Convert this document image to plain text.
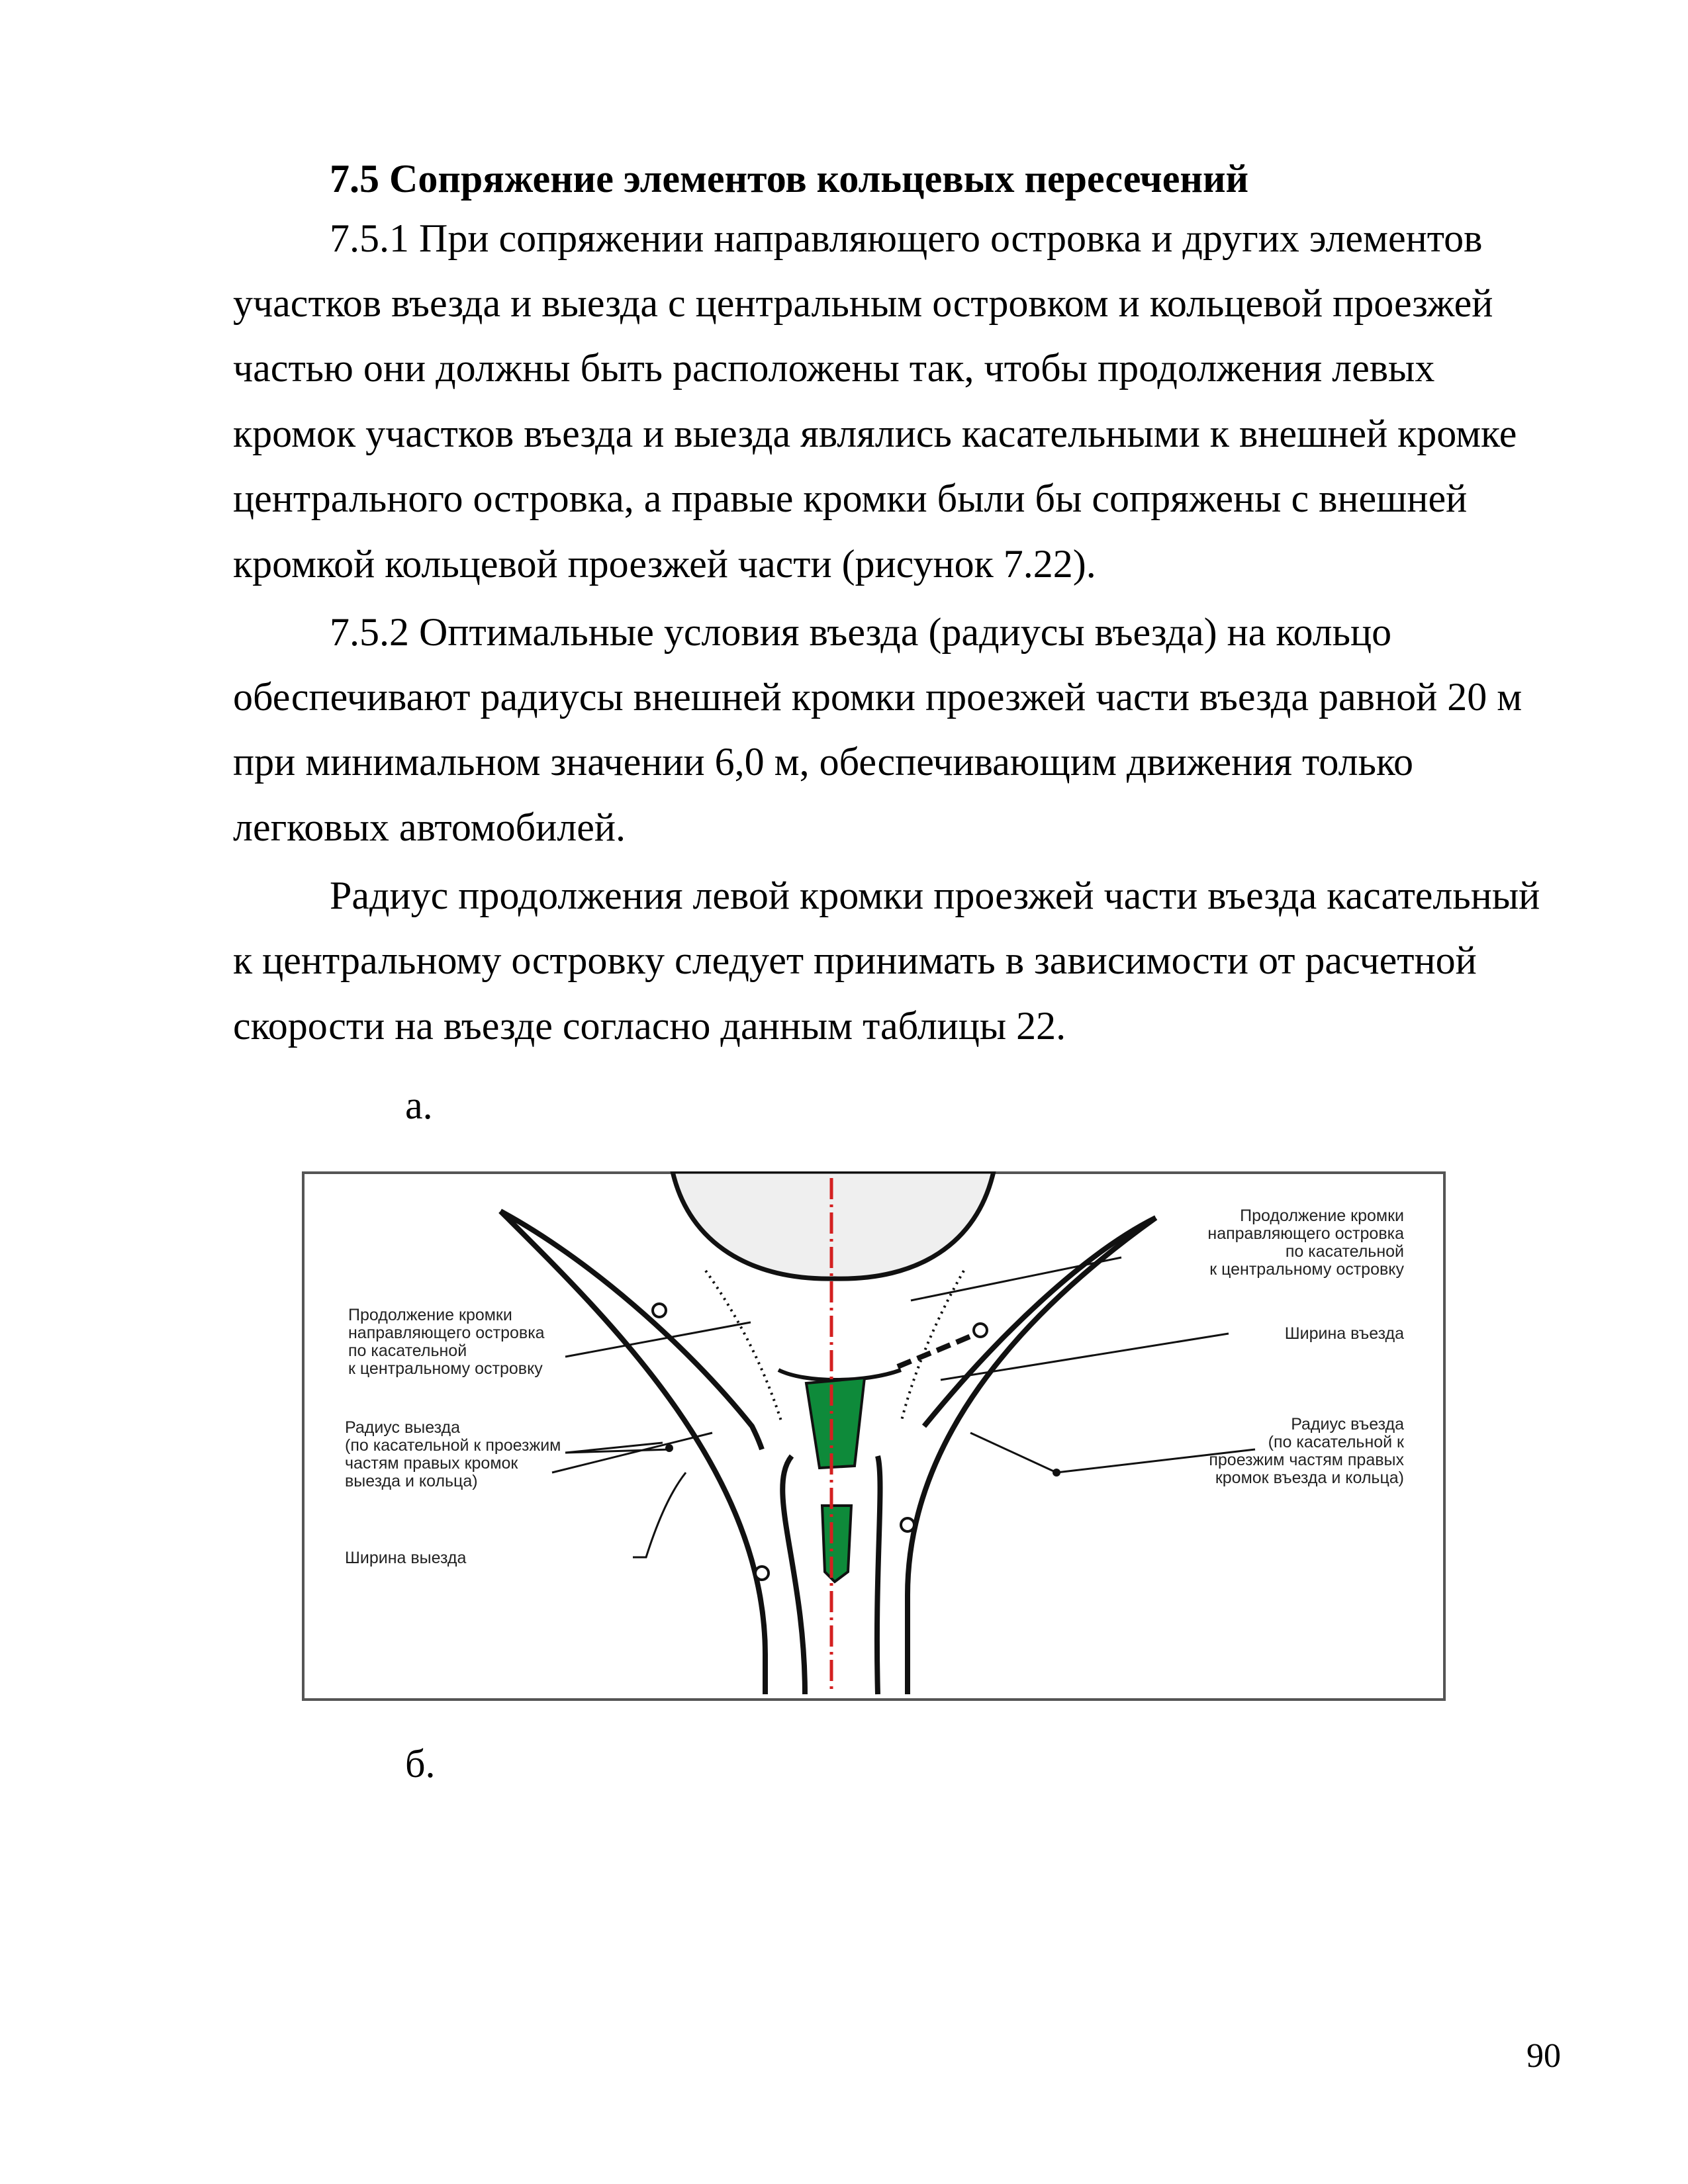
7.5 Сопряжение элементов кольцевых пересечений
7.5.1 При сопряжении направляющего островка и других элементов
участков въезда и выезда с центральным островком и кольцевой проезжей
частью они должны быть расположены так, чтобы продолжения левых
кромок участков въезда и выезда являлись касательными к внешней кромке
центрального островка, а правые кромки были бы сопряжены с внешней
кромкой кольцевой проезжей части (рисунок 7.22).
7.5.2 Оптимальные условия въезда (радиусы въезда) на кольцо
обеспечивают радиусы внешней кромки проезжей части въезда равной 20 м
при минимальном значении 6,0 м, обеспечивающим движения только
легковых автомобилей.
Радиус продолжения левой кромки проезжей части въезда касательный
к центральному островку следует принимать в зависимости от расчетной
скорости на въезде согласно данным таблицы 22.
а.
Продолжение кромки
направляющего островка
по касательной
к центральному островку
Радиус выезда
(по касательной к проезжим
частям правых кромок
выезда и кольца)
Ширина выезда
Продолжение кромки
направляющего островка
по касательной
к центральному островку
Ширина въезда
Радиус въезда
(по касательной к
проезжим частям правых
кромок въезда и кольца)
б.
90
